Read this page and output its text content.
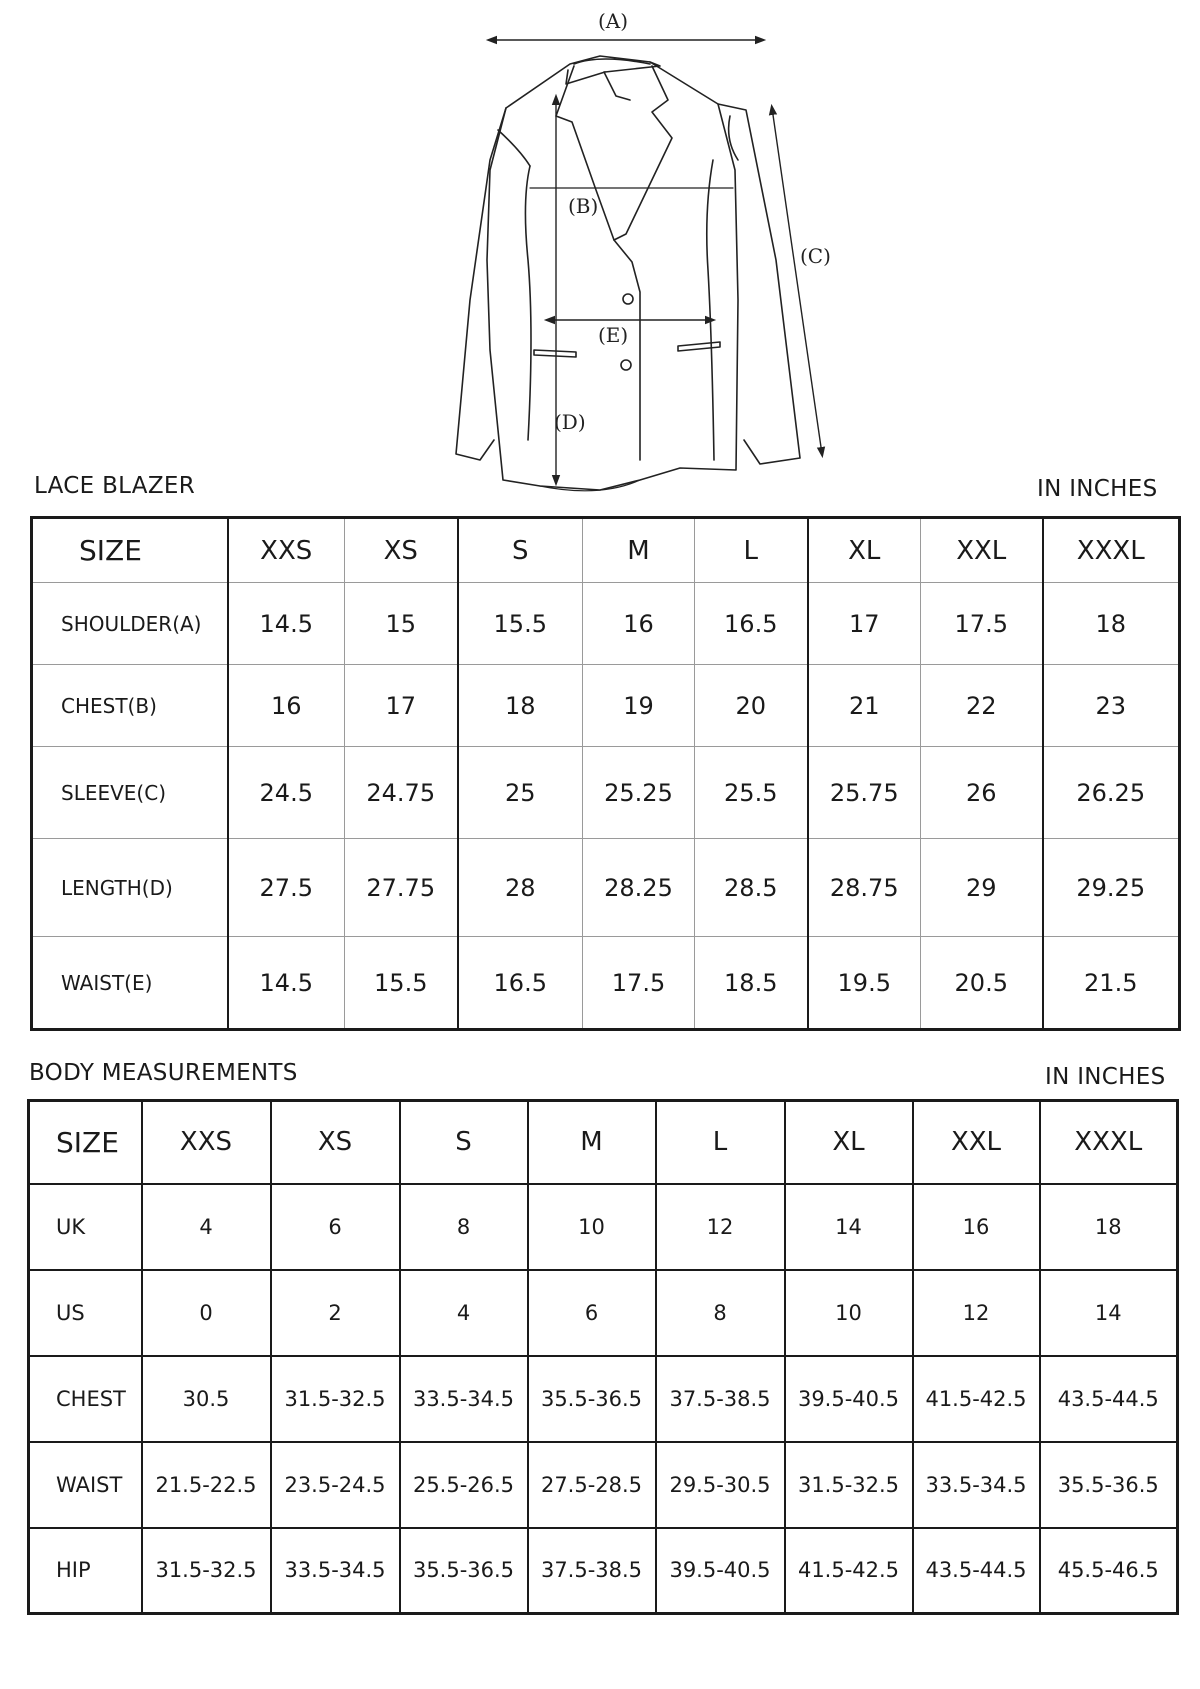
(A)
(B)
(C)
(D)
(E)
LACE BLAZER	IN INCHES
SIZE	XXS	XS	S	M	L	XL	XXL	XXXL
SHOULDER(A)	14.5	15	15.5	16	16.5	17	17.5	18
CHEST(B)	16	17	18	19	20	21	22	23
SLEEVE(C)	24.5	24.75	25	25.25	25.5	25.75	26	26.25
LENGTH(D)	27.5	27.75	28	28.25	28.5	28.75	29	29.25
WAIST(E)	14.5	15.5	16.5	17.5	18.5	19.5	20.5	21.5
BODY MEASUREMENTS	IN INCHES
SIZE	XXS	XS	S	M	L	XL	XXL	XXXL
UK	4	6	8	10	12	14	16	18
US	0	2	4	6	8	10	12	14
CHEST	30.5	31.5-32.5	33.5-34.5	35.5-36.5	37.5-38.5	39.5-40.5	41.5-42.5	43.5-44.5
WAIST	21.5-22.5	23.5-24.5	25.5-26.5	27.5-28.5	29.5-30.5	31.5-32.5	33.5-34.5	35.5-36.5
HIP	31.5-32.5	33.5-34.5	35.5-36.5	37.5-38.5	39.5-40.5	41.5-42.5	43.5-44.5	45.5-46.5
